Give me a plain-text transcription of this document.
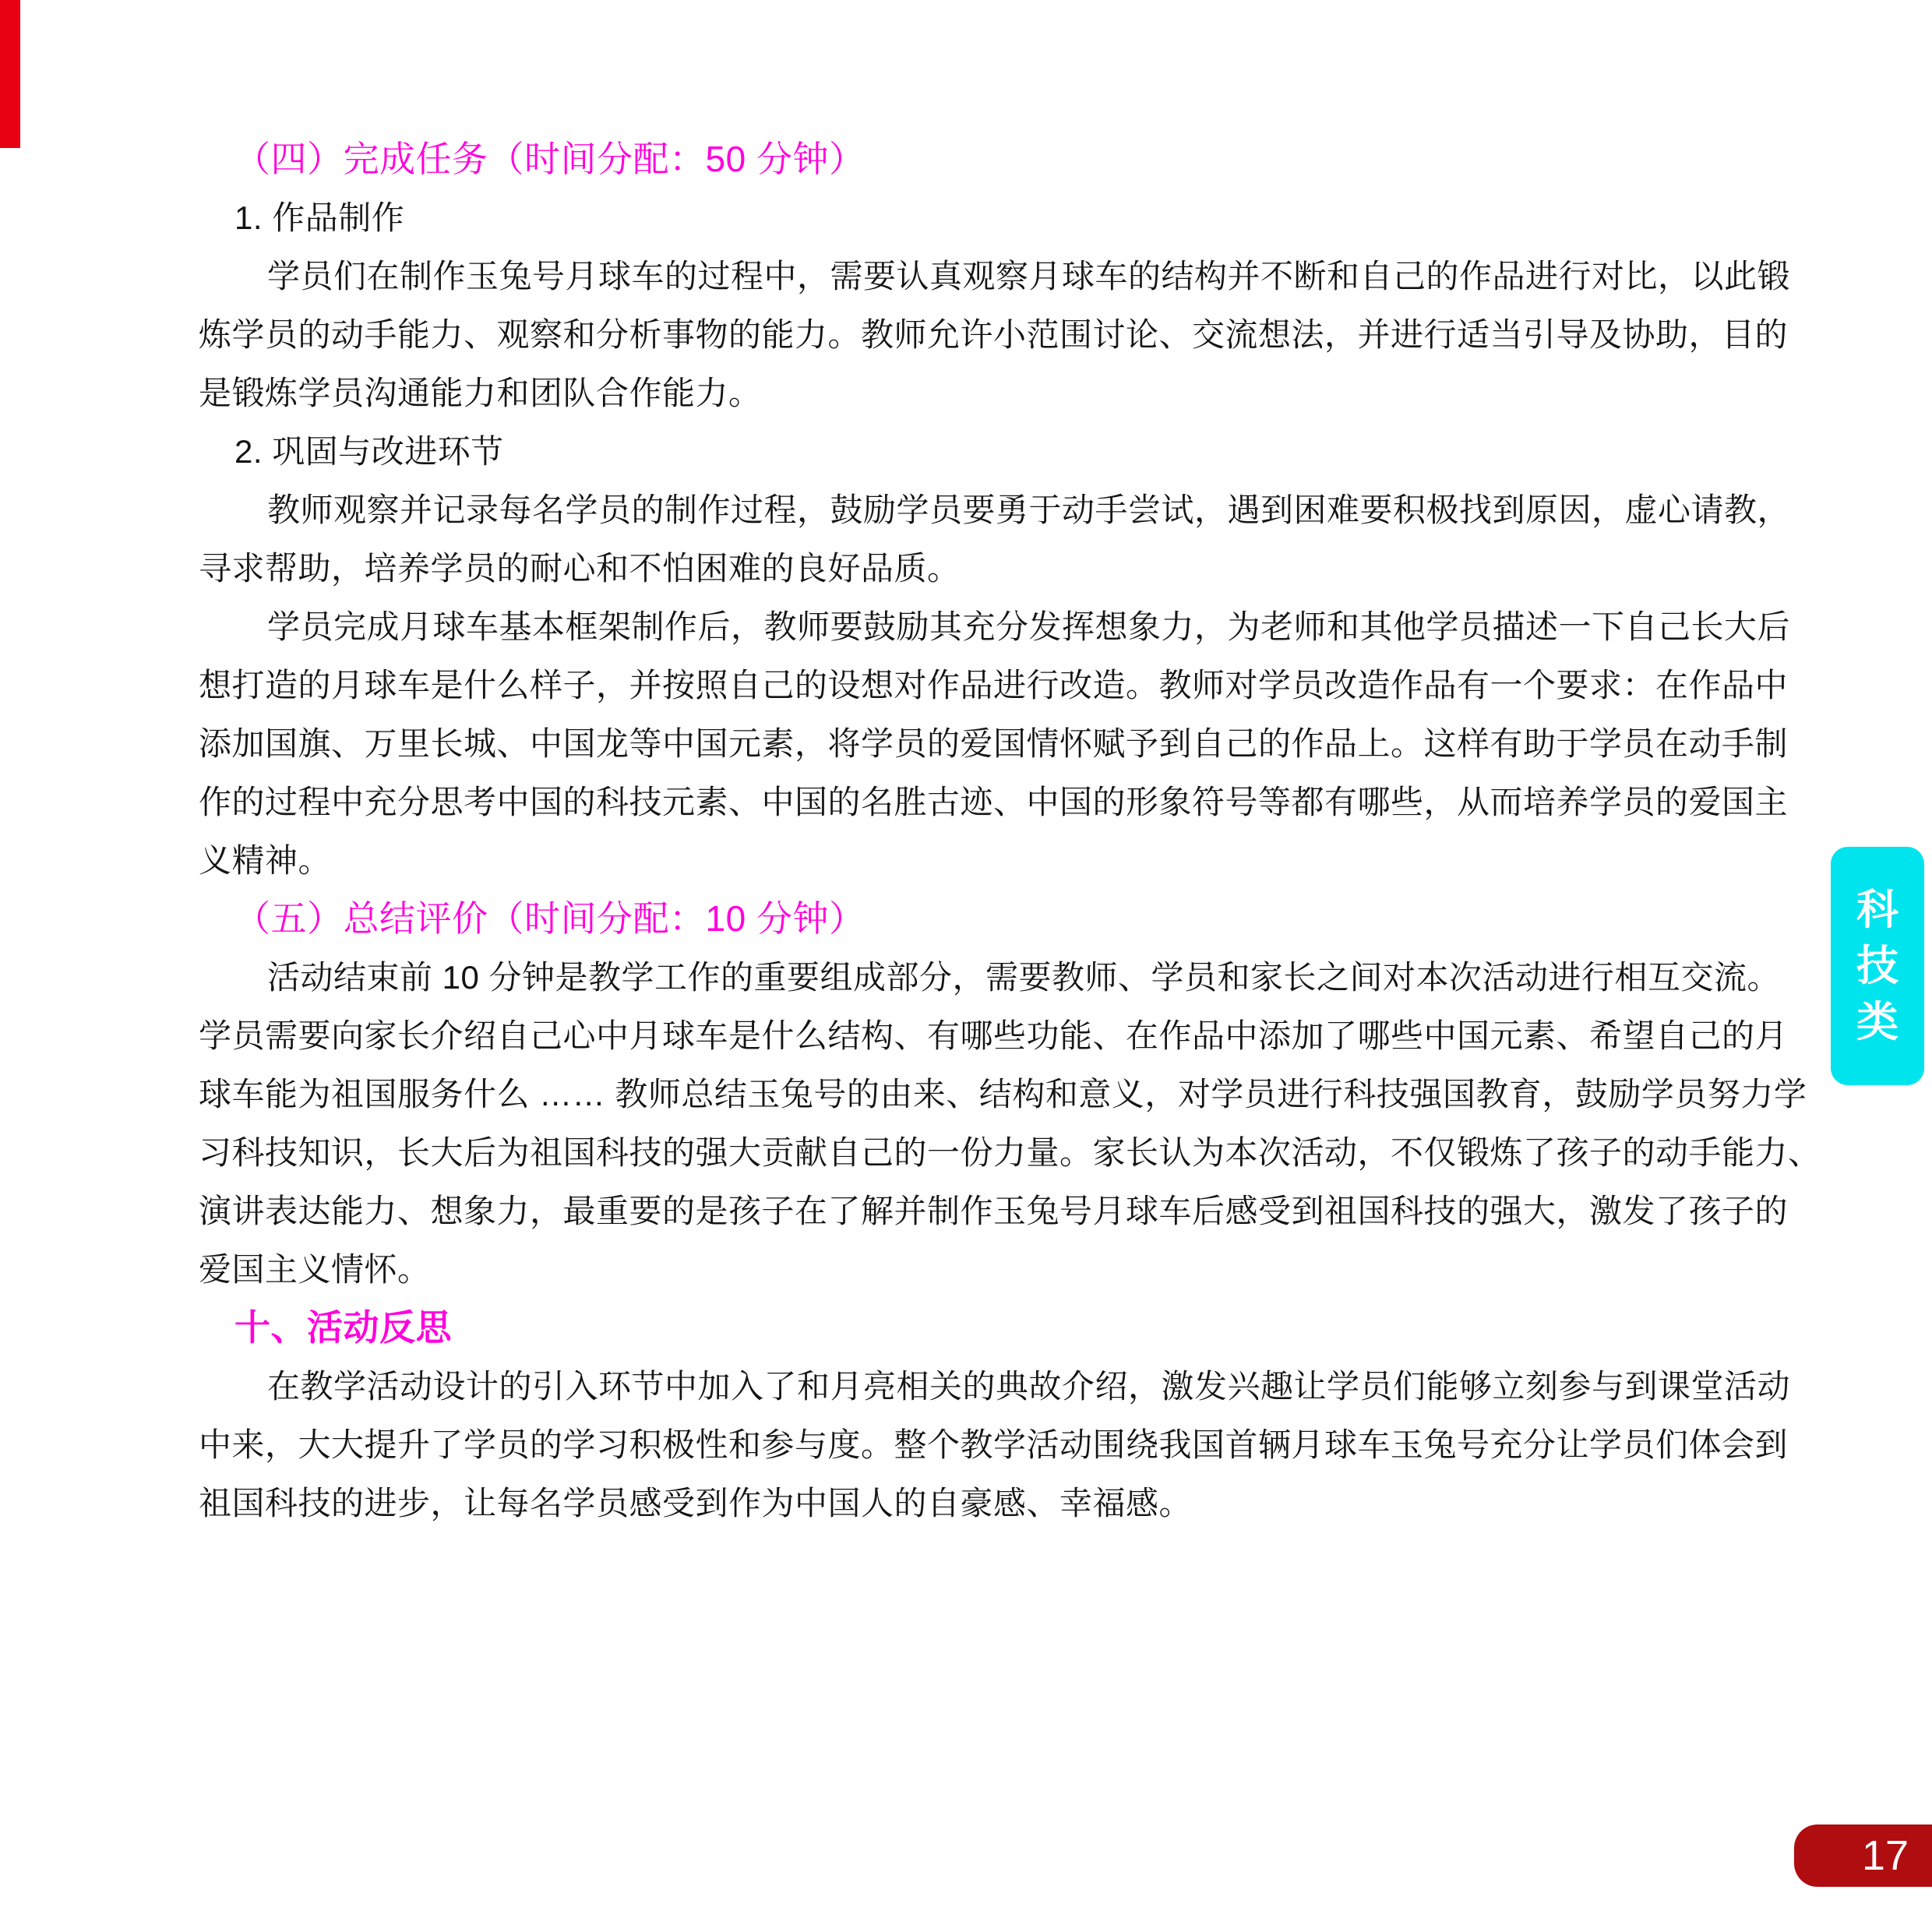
（四）完成任务（时间分配：50 分钟）
1. 作品制作
学员们在制作玉兔号月球车的过程中，需要认真观察月球车的结构并不断和自己的作品进行对比，以此锻
炼学员的动手能力、观察和分析事物的能力。教师允许小范围讨论、交流想法，并进行适当引导及协助，目的
是锻炼学员沟通能力和团队合作能力。
2. 巩固与改进环节
教师观察并记录每名学员的制作过程，鼓励学员要勇于动手尝试，遇到困难要积极找到原因，虚心请教，
寻求帮助，培养学员的耐心和不怕困难的良好品质。
学员完成月球车基本框架制作后，教师要鼓励其充分发挥想象力，为老师和其他学员描述一下自己长大后
想打造的月球车是什么样子，并按照自己的设想对作品进行改造。教师对学员改造作品有一个要求：在作品中
添加国旗、万里长城、中国龙等中国元素，将学员的爱国情怀赋予到自己的作品上。这样有助于学员在动手制
作的过程中充分思考中国的科技元素、中国的名胜古迹、中国的形象符号等都有哪些，从而培养学员的爱国主
义精神。
（五）总结评价（时间分配：10 分钟）
活动结束前 10 分钟是教学工作的重要组成部分，需要教师、学员和家长之间对本次活动进行相互交流。
学员需要向家长介绍自己心中月球车是什么结构、有哪些功能、在作品中添加了哪些中国元素、希望自己的月
球车能为祖国服务什么 …… 教师总结玉兔号的由来、结构和意义，对学员进行科技强国教育，鼓励学员努力学
习科技知识，长大后为祖国科技的强大贡献自己的一份力量。家长认为本次活动，不仅锻炼了孩子的动手能力、
演讲表达能力、想象力，最重要的是孩子在了解并制作玉兔号月球车后感受到祖国科技的强大，激发了孩子的
爱国主义情怀。
十、活动反思
在教学活动设计的引入环节中加入了和月亮相关的典故介绍，激发兴趣让学员们能够立刻参与到课堂活动
中来，大大提升了学员的学习积极性和参与度。整个教学活动围绕我国首辆月球车玉兔号充分让学员们体会到
祖国科技的进步，让每名学员感受到作为中国人的自豪感、幸福感。
科
技
类
17
